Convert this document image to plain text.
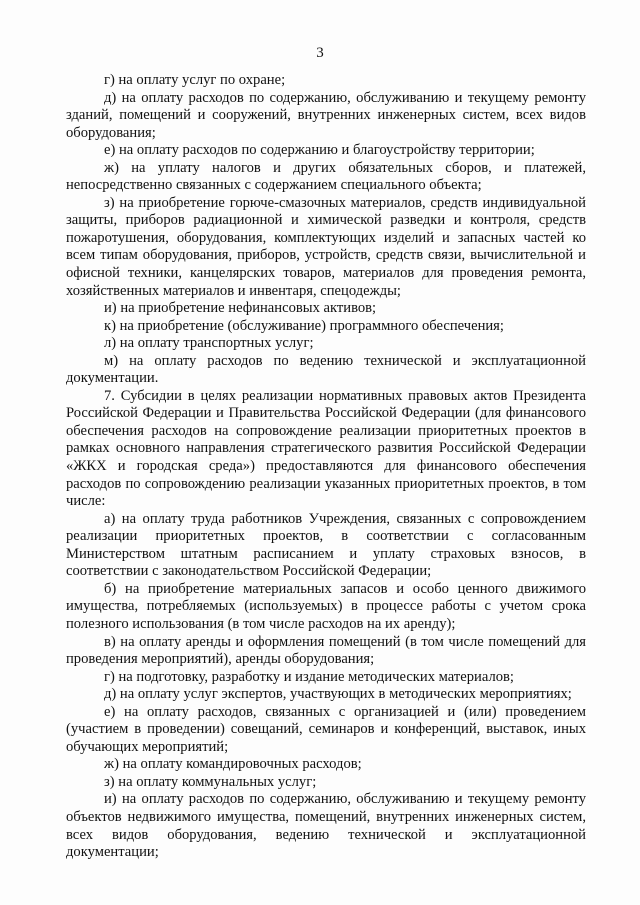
3

г) на оплату услуг по охране;

д) на оплату расходов по содержанию, обслуживанию и текущему ремонту зданий, помещений и сооружений, внутренних инженерных систем, всех видов оборудования;

е) на оплату расходов по содержанию и благоустройству территории;

ж) на уплату налогов и других обязательных сборов, и платежей, непосредственно связанных с содержанием специального объекта;

з) на приобретение горюче-смазочных материалов, средств индивидуальной защиты, приборов радиационной и химической разведки и контроля, средств пожаротушения, оборудования, комплектующих изделий и запасных частей ко всем типам оборудования, приборов, устройств, средств связи, вычислительной и офисной техники, канцелярских товаров, материалов для проведения ремонта, хозяйственных материалов и инвентаря, спецодежды;

и) на приобретение нефинансовых активов;

к) на приобретение (обслуживание) программного обеспечения;

л) на оплату транспортных услуг;

м) на оплату расходов по ведению технической и эксплуатационной документации.

7. Субсидии в целях реализации нормативных правовых актов Президента Российской Федерации и Правительства Российской Федерации (для финансового обеспечения расходов на сопровождение реализации приоритетных проектов в рамках основного направления стратегического развития Российской Федерации «ЖКХ и городская среда») предоставляются для финансового обеспечения расходов по сопровождению реализации указанных приоритетных проектов, в том числе:

а) на оплату труда работников Учреждения, связанных с сопровождением реализации приоритетных проектов, в соответствии с согласованным Министерством штатным расписанием и уплату страховых взносов, в соответствии с законодательством Российской Федерации;

б) на приобретение материальных запасов и особо ценного движимого имущества, потребляемых (используемых) в процессе работы с учетом срока полезного использования (в том числе расходов на их аренду);

в) на оплату аренды и оформления помещений (в том числе помещений для проведения мероприятий), аренды оборудования;

г) на подготовку, разработку и издание методических материалов;

д) на оплату услуг экспертов, участвующих в методических мероприятиях;

е) на оплату расходов, связанных с организацией и (или) проведением (участием в проведении) совещаний, семинаров и конференций, выставок, иных обучающих мероприятий;

ж) на оплату командировочных расходов;

з) на оплату коммунальных услуг;

и) на оплату расходов по содержанию, обслуживанию и текущему ремонту объектов недвижимого имущества, помещений, внутренних инженерных систем, всех видов оборудования, ведению технической и эксплуатационной документации;
